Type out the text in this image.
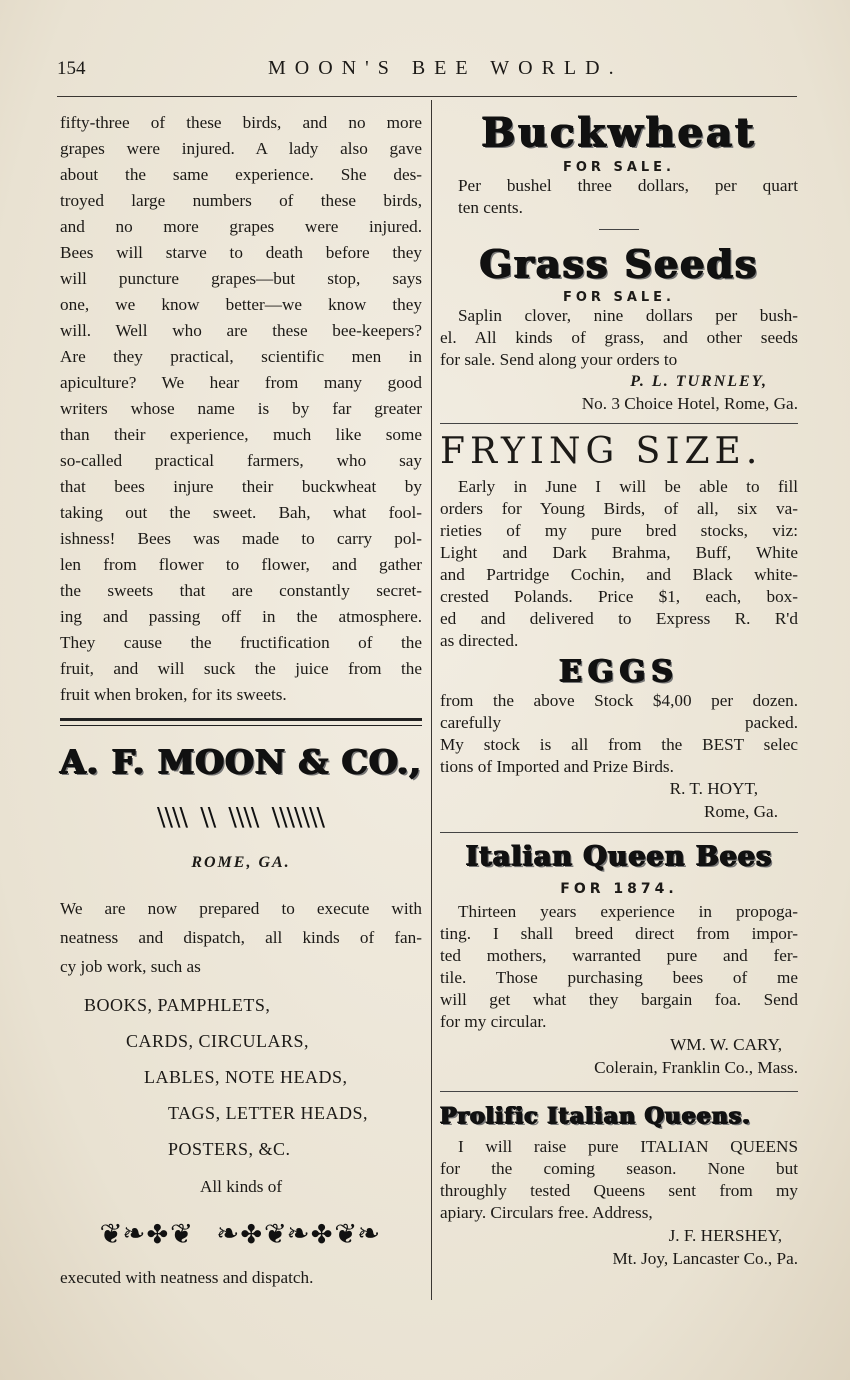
154	MOON'S BEE WORLD.
fifty-three of these birds, and no more
grapes were injured. A lady also gave
about the same experience. She des-
troyed large numbers of these birds,
and no more grapes were injured.
Bees will starve to death before they
will puncture grapes—but stop, says
one, we know better—we know they
will. Well who are these bee-keepers?
Are they practical, scientific men in
apiculture? We hear from many good
writers whose name is by far greater
than their experience, much like some
so-called practical farmers, who say
that bees injure their buckwheat by
taking out the sweet. Bah, what fool-
ishness! Bees was made to carry pol-
len from flower to flower, and gather
the sweets that are constantly secret-
ing and passing off in the atmosphere.
They cause the fructification of the
fruit, and will suck the juice from the
fruit when broken, for its sweets.
A. F. MOON & CO.,
⧹⧹⧹⧹ ⧹⧹ ⧹⧹⧹⧹ ⧹⧹⧹⧹⧹⧹⧹
ROME, GA.
We are now prepared to execute with
neatness and dispatch, all kinds of fan-
cy job work, such as
BOOKS, PAMPHLETS,
CARDS, CIRCULARS,
LABLES, NOTE HEADS,
TAGS, LETTER HEADS,
POSTERS, &C.
All kinds of
❦❧✤❦ ❧✤❦❧✤❦❧
executed with neatness and dispatch.
Buckwheat
FOR SALE.
Per bushel three dollars, per quart
ten cents.
Grass Seeds
FOR SALE.
Saplin clover, nine dollars per bush-
el. All kinds of grass, and other seeds
for sale. Send along your orders to
P. L. TURNLEY,
No. 3 Choice Hotel, Rome, Ga.
FRYING SIZE.
Early in June I will be able to fill
orders for Young Birds, of all, six va-
rieties of my pure bred stocks, viz:
Light and Dark Brahma, Buff, White
and Partridge Cochin, and Black white-
crested Polands. Price $1, each, box-
ed and delivered to Express R. R'd
as directed.
EGGS
from the above Stock $4,00 per dozen.
carefully packed.
My stock is all from the BEST selec
tions of Imported and Prize Birds.
R. T. HOYT,
Rome, Ga.
Italian Queen Bees
FOR 1874.
Thirteen years experience in propoga-
ting. I shall breed direct from impor-
ted mothers, warranted pure and fer-
tile. Those purchasing bees of me
will get what they bargain foa. Send
for my circular.
WM. W. CARY,
Colerain, Franklin Co., Mass.
Prolific Italian Queens.
I will raise pure ITALIAN QUEENS
for the coming season. None but
throughly tested Queens sent from my
apiary. Circulars free. Address,
J. F. HERSHEY,
Mt. Joy, Lancaster Co., Pa.
